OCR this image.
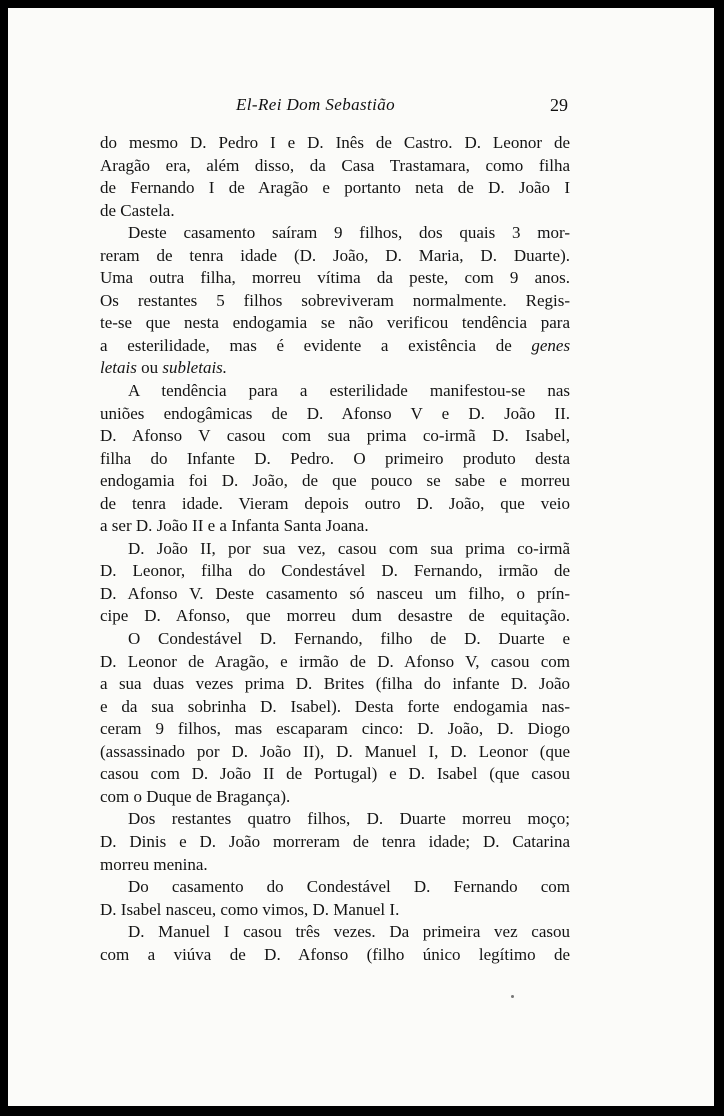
El-Rei Dom Sebastião	29
do mesmo D. Pedro I e D. Inês de Castro. D. Leonor de
Aragão era, além disso, da Casa Trastamara, como filha
de Fernando I de Aragão e portanto neta de D. João I
de Castela.
Deste casamento saíram 9 filhos, dos quais 3 mor-
reram de tenra idade (D. João, D. Maria, D. Duarte).
Uma outra filha, morreu vítima da peste, com 9 anos.
Os restantes 5 filhos sobreviveram normalmente. Regis-
te-se que nesta endogamia se não verificou tendência para
a esterilidade, mas é evidente a existência de genes
letais ou subletais.
A tendência para a esterilidade manifestou-se nas
uniões endogâmicas de D. Afonso V e D. João II.
D. Afonso V casou com sua prima co-irmã D. Isabel,
filha do Infante D. Pedro. O primeiro produto desta
endogamia foi D. João, de que pouco se sabe e morreu
de tenra idade. Vieram depois outro D. João, que veio
a ser D. João II e a Infanta Santa Joana.
D. João II, por sua vez, casou com sua prima co-irmã
D. Leonor, filha do Condestável D. Fernando, irmão de
D. Afonso V. Deste casamento só nasceu um filho, o prín-
cipe D. Afonso, que morreu dum desastre de equitação.
O Condestável D. Fernando, filho de D. Duarte e
D. Leonor de Aragão, e irmão de D. Afonso V, casou com
a sua duas vezes prima D. Brites (filha do infante D. João
e da sua sobrinha D. Isabel). Desta forte endogamia nas-
ceram 9 filhos, mas escaparam cinco: D. João, D. Diogo
(assassinado por D. João II), D. Manuel I, D. Leonor (que
casou com D. João II de Portugal) e D. Isabel (que casou
com o Duque de Bragança).
Dos restantes quatro filhos, D. Duarte morreu moço;
D. Dinis e D. João morreram de tenra idade; D. Catarina
morreu menina.
Do casamento do Condestável D. Fernando com
D. Isabel nasceu, como vimos, D. Manuel I.
D. Manuel I casou três vezes. Da primeira vez casou
com a viúva de D. Afonso (filho único legítimo de
